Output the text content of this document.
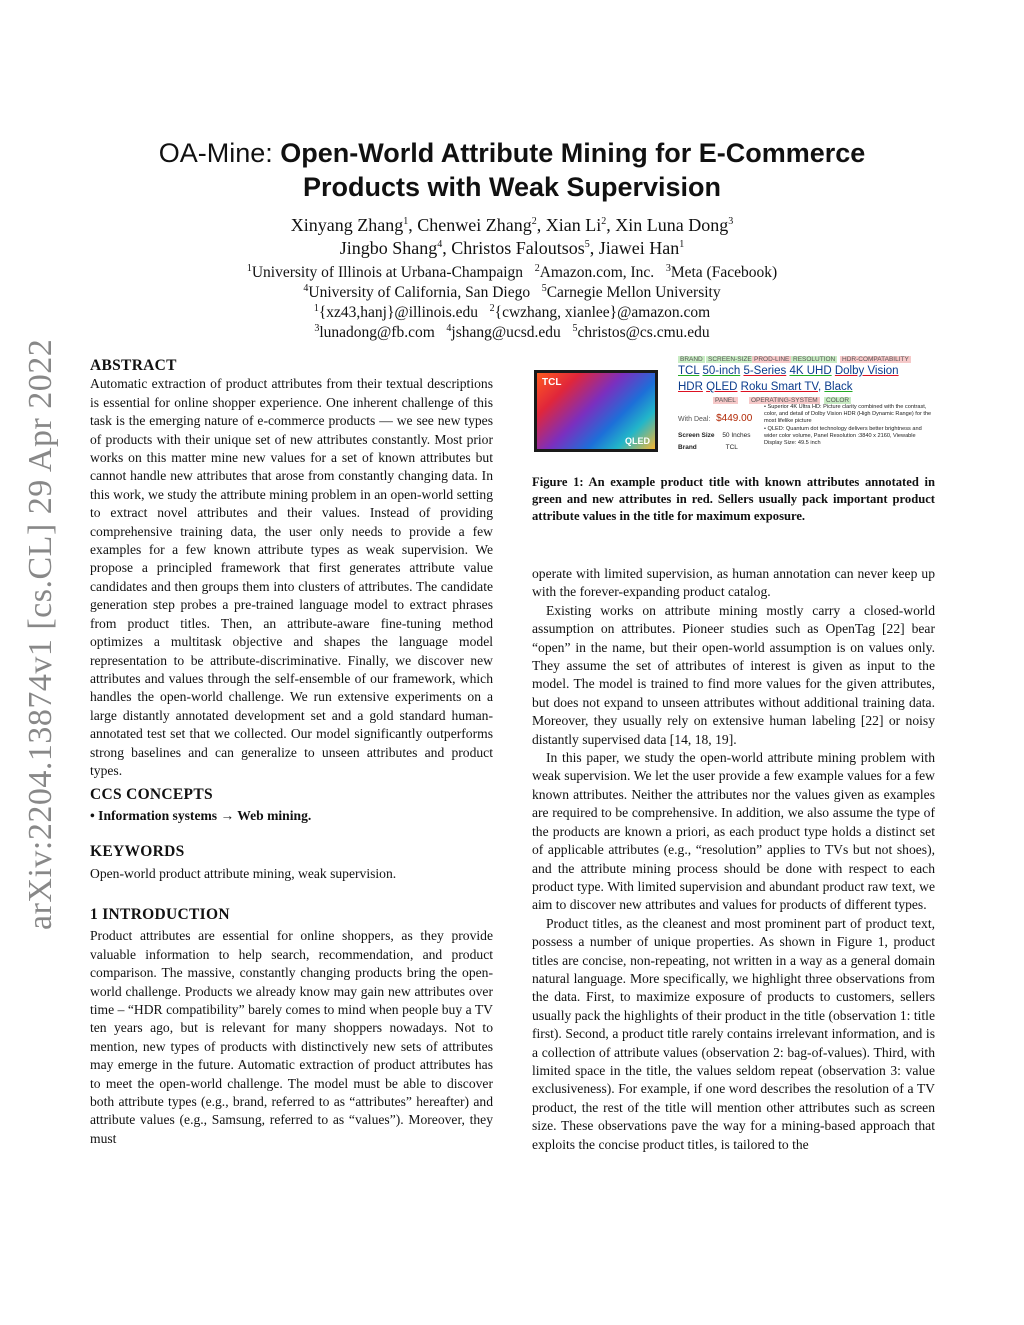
arXiv:2204.13874v1 [cs.CL] 29 Apr 2022
OA-Mine: Open-World Attribute Mining for E-Commerce
Products with Weak Supervision
Xinyang Zhang$^1$, Chenwei Zhang$^2$, Xian Li$^2$, Xin Luna Dong$^3$
Jingbo Shang$^4$, Christos Faloutsos$^5$, Jiawei Han$^1$
$^1$University of Illinois at Urbana-Champaign $^2$Amazon.com, Inc. $^3$Meta (Facebook)
$^4$University of California, San Diego $^5$Carnegie Mellon University
$^1${xz43,hanj}@illinois.edu $^2${cwzhang, xianlee}@amazon.com
$^3$lunadong@fb.com $^4$jshang@ucsd.edu $^5$christos@cs.cmu.edu
ABSTRACT

Automatic extraction of product attributes from their textual descriptions is essential for online shopper experience. One inherent challenge of this task is the emerging nature of e-commerce products — we see new types of products with their unique set of new attributes constantly. Most prior works on this matter mine new values for a set of known attributes but cannot handle new attributes that arose from constantly changing data. In this work, we study the attribute mining problem in an open-world setting to extract novel attributes and their values. Instead of providing comprehensive training data, the user only needs to provide a few examples for a few known attribute types as weak supervision. We propose a principled framework that first generates attribute value candidates and then groups them into clusters of attributes. The candidate generation step probes a pre-trained language model to extract phrases from product titles. Then, an attribute-aware fine-tuning method optimizes a multitask objective and shapes the language model representation to be attribute-discriminative. Finally, we discover new attributes and values through the self-ensemble of our framework, which handles the open-world challenge. We run extensive experiments on a large distantly annotated development set and a gold standard human-annotated test set that we collected. Our model significantly outperforms strong baselines and can generalize to unseen attributes and product types.

CCS CONCEPTS

• Information systems → Web mining.

KEYWORDS

Open-world product attribute mining, weak supervision.

1 INTRODUCTION

Product attributes are essential for online shoppers, as they provide valuable information to help search, recommendation, and product comparison. The massive, constantly changing products bring the open-world challenge. Products we already know may gain new attributes over time – “HDR compatibility” barely comes to mind when people buy a TV ten years ago, but is relevant for many shoppers nowadays. Not to mention, new types of products with distinctively new sets of attributes may emerge in the future. Automatic extraction of product attributes has to meet the open-world challenge. The model must be able to discover both attribute types (e.g., brand, referred to as “attributes” hereafter) and attribute values (e.g., Samsung, referred to as “values”). Moreover, they must

TCL
QLED
BRAND SCREEN-SIZE PROD-LINE RESOLUTION	HDR-COMPATABILITY
TCL 50-inch 5-Series 4K UHD Dolby Vision
HDR QLED Roku Smart TV, Black
PANEL	OPERATING-SYSTEM	COLOR
With Deal: $449.00
Screen Size 50 Inches
Brand	TCL
• Superior 4K Ultra HD: Picture clarity combined with the contrast, color, and detail of Dolby Vision HDR (High Dynamic Range) for the most lifelike picture
• QLED: Quantum dot technology delivers better brightness and wider color volume, Panel Resolution :3840 x 2160, Viewable Display Size: 49.5 inch
Figure 1: An example product title with known attributes annotated in green and new attributes in red. Sellers usually pack important product attribute values in the title for maximum exposure.

operate with limited supervision, as human annotation can never keep up with the forever-expanding product catalog.

Existing works on attribute mining mostly carry a closed-world assumption on attributes. Pioneer studies such as OpenTag [22] bear “open” in the name, but their open-world assumption is on values only. They assume the set of attributes of interest is given as input to the model. The model is trained to find more values for the given attributes, but does not expand to unseen attributes without additional training data. Moreover, they usually rely on extensive human labeling [22] or noisy distantly supervised data [14, 18, 19].

In this paper, we study the open-world attribute mining problem with weak supervision. We let the user provide a few example values for a few known attributes. Neither the attributes nor the values given as examples are required to be comprehensive. In addition, we also assume the type of the products are known a priori, as each product type holds a distinct set of applicable attributes (e.g., “resolution” applies to TVs but not shoes), and the attribute mining process should be done with respect to each product type. With limited supervision and abundant product raw text, we aim to discover new attributes and values for products of different types.

Product titles, as the cleanest and most prominent part of product text, possess a number of unique properties. As shown in Figure 1, product titles are concise, non-repeating, not written in a way as a general domain natural language. More specifically, we highlight three observations from the data. First, to maximize exposure of products to customers, sellers usually pack the highlights of their product in the title (observation 1: title first). Second, a product title rarely contains irrelevant information, and is a collection of attribute values (observation 2: bag-of-values). Third, with limited space in the title, the values seldom repeat (observation 3: value exclusiveness). For example, if one word describes the resolution of a TV product, the rest of the title will mention other attributes such as screen size. These observations pave the way for a mining-based approach that exploits the concise product titles, is tailored to the
